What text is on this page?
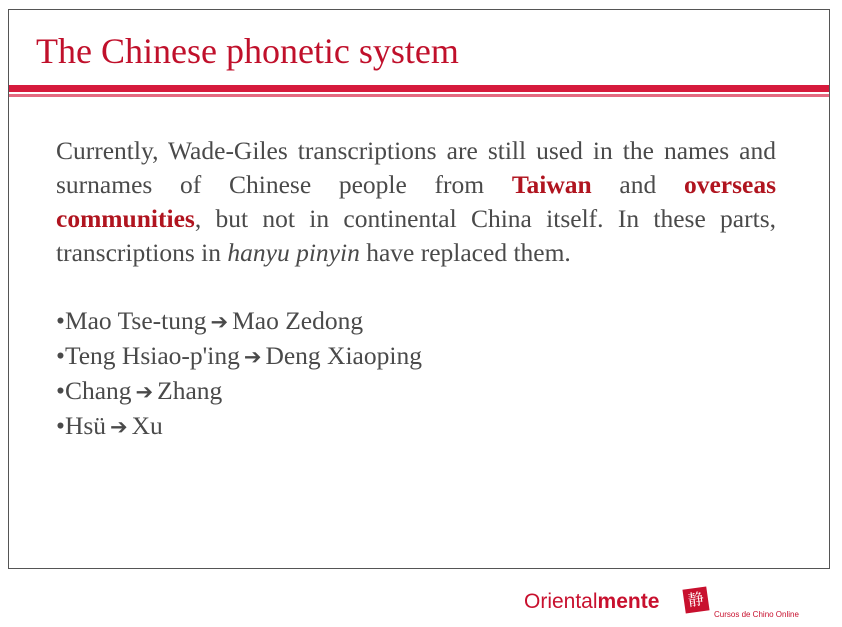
The Chinese phonetic system

Currently, Wade-Giles transcriptions are still used in the names and surnames of Chinese people from Taiwan and overseas communities, but not in continental China itself. In these parts, transcriptions in hanyu pinyin have replaced them.

•Mao Tse-tung ➔ Mao Zedong
•Teng Hsiao-p'ing ➔ Deng Xiaoping
•Chang ➔ Zhang
•Hsü ➔ Xu
Orientalmente 静
Cursos de Chino Online
